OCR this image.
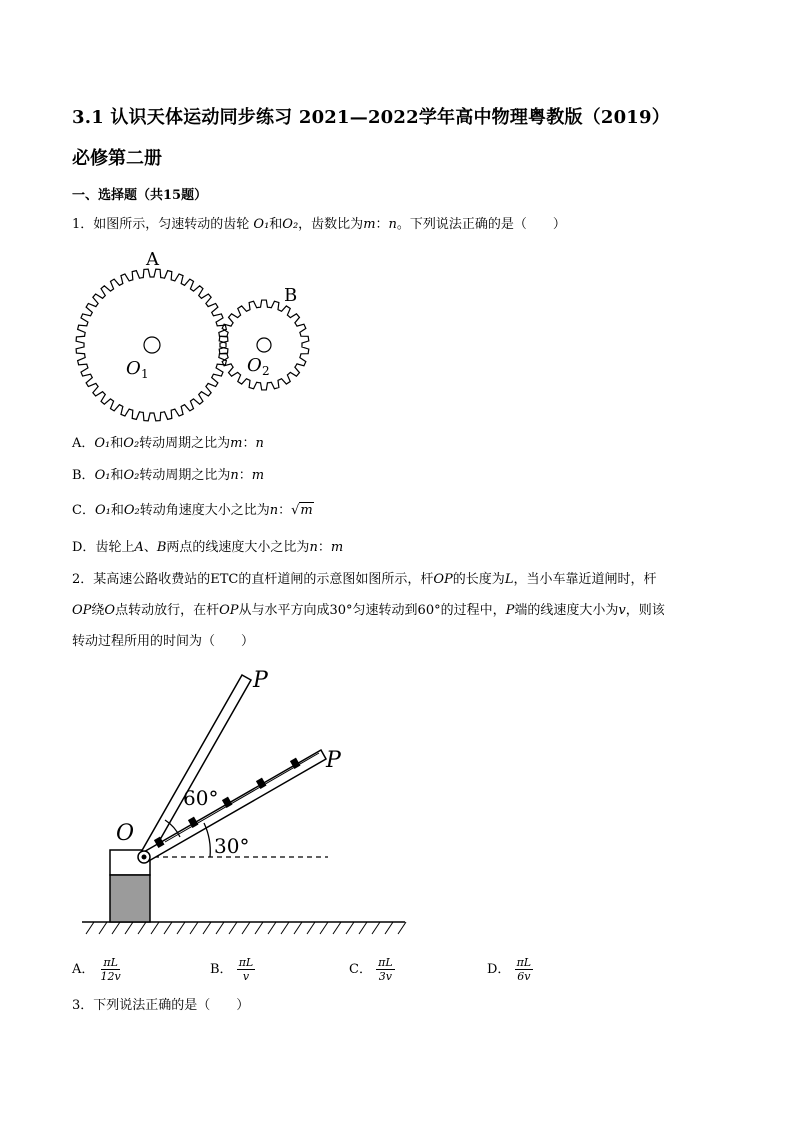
3.1 认识天体运动同步练习 2021—2022学年高中物理粤教版（2019）
必修第二册
一、选择题（共15题）
1．如图所示，匀速转动的齿轮 O₁和O₂，齿数比为m：n。下列说法正确的是（　　）
A
B
O 1	O 2
A．O₁和O₂转动周期之比为m：n
B．O₁和O₂转动周期之比为n：m
C．O₁和O₂转动角速度大小之比为n：√m
D．齿轮上A、B两点的线速度大小之比为n：m
2．某高速公路收费站的ETC的直杆道闸的示意图如图所示，杆OP的长度为L，当小车靠近道闸时，杆
OP绕O点转动放行，在杆OP从与水平方向成30°匀速转动到60°的过程中，P端的线速度大小为v，则该
转动过程所用的时间为（　　）
P
P
O
60°
30°
A． $\frac{\pi L}{12v}$	B． $\frac{\pi L}{v}$	C． $\frac{\pi L}{3v}$	D． $\frac{\pi L}{6v}$
3．下列说法正确的是（　　）
